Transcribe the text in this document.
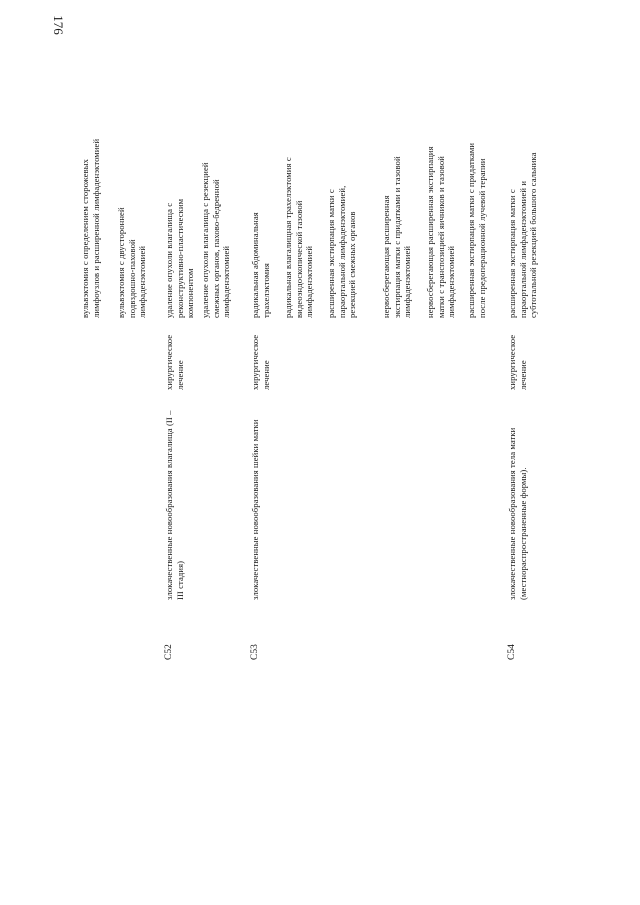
176
вульвэктомия с определением сторожевых лимфоузлов и расширенной лимфаденэктомией вульвэктомия с двусторонней подвздошно-паховой лимфаденэктомией
C52
злокачественные новообразования влагалища (II – III стадия)
хирургическое лечение
удаление опухоли влагалища с реконструктивно-пластическим компонентом удаление опухоли влагалища с резекцией смежных органов, пахово-бедренной лимфаденэктомией
C53
злокачественные новообразования шейки матки
хирургическое лечение
радикальная абдоминальная трахелэктомия радикальная влагалищная трахелэктомия с видеоэндоскопической тазовой лимфаденэктомией расширенная экстирпация матки с параортальной лимфаденэктомией, резекцией смежных органов	нервосберегающая расширенная экстирпация матки с придатками и тазовой лимфаденэктомией нервосберегающая расширенная экстирпация матки с транспозицией яичников и тазовой лимфаденэктомией расширенная экстирпация матки с придатками после предоперационной лучевой терапии
C54
злокачественные новообразования тела матки (местнораспространенные формы).
хирургическое лечение
расширенная экстирпация матки с параортальной лимфаденэктомией и субтотальной резекцией большого сальника
